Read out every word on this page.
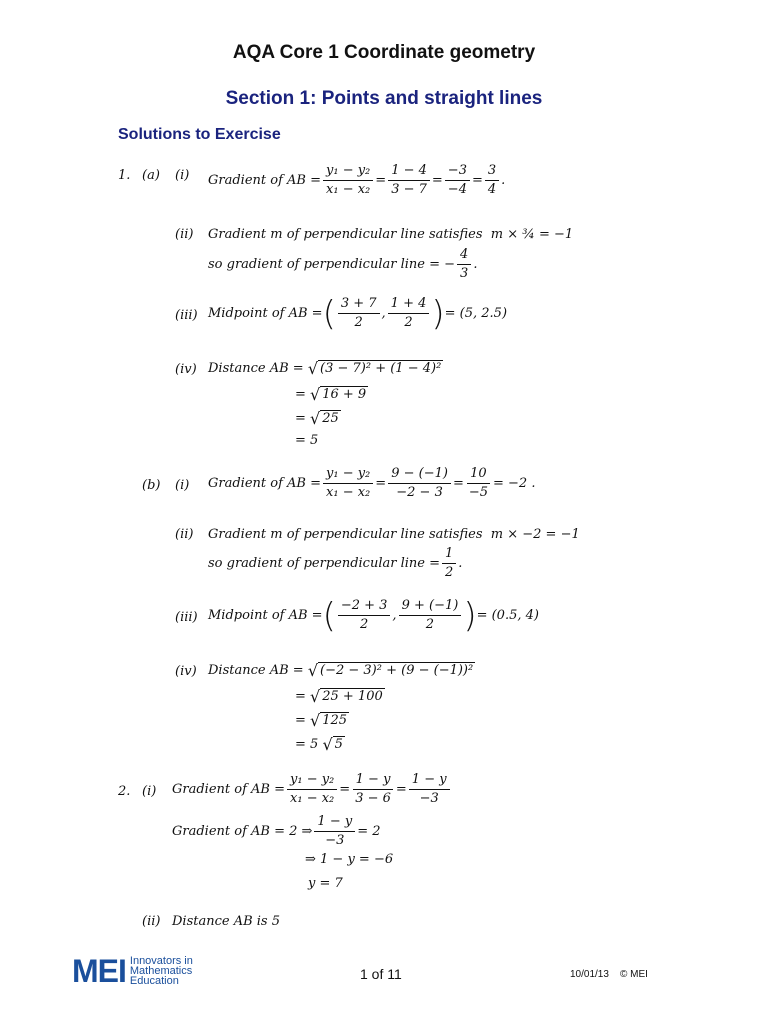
AQA Core 1 Coordinate geometry
Section 1: Points and straight lines
Solutions to Exercise
1. (a) (i) Gradient of AB = $\frac{\text{y₁ − y₂}}{\text{x₁ − x₂}} = \frac{1 - 4}{3 - 7} = \frac{-3}{-4} = \frac{3}{4}$ .
(ii) Gradient m of perpendicular line satisfies m × ¾ = −1
so gradient of perpendicular line = − $\frac{4}{3}$ .
(iii) Midpoint of AB = ( $\frac{3 + 7}{2}$ , $\frac{1 + 4}{2}$ ) = (5, 2.5)
(iv) Distance AB =
√ (3 − 7)² + (1 − 4)²
= √ 16 + 9
= √ 25
= 5
(b) (i) Gradient of AB = $\frac{\text{y₁ − y₂}}{\text{x₁ − x₂}} = \frac{9 - (-1)}{-2 - 3} = \frac{10}{-5} = -2$ .
(ii) Gradient m of perpendicular line satisfies m × −2 = −1
so gradient of perpendicular line = $\frac{1}{2}$ .
(iii) Midpoint of AB = ( $\frac{-2 + 3}{2}$ , $\frac{9 + (-1)}{2}$ ) = (0.5, 4)
(iv) Distance AB =
√ (−2 − 3)² + (9 − (−1))²
= √ 25 + 100
= √ 125
= 5
√ 5
2. (i) Gradient of AB = $\frac{\text{y₁ − y₂}}{\text{x₁ − x₂}} = \frac{1 - y}{3 - 6} = \frac{1 - y}{-3}$
Gradient of AB = 2 ⇒ $\frac{1 - y}{-3} = 2$
⇒ 1 − y = −6
y = 7
(ii) Distance AB is 5
MEI Innovators in
Mathematics
Education	1 of 11	10/01/13 © MEI
